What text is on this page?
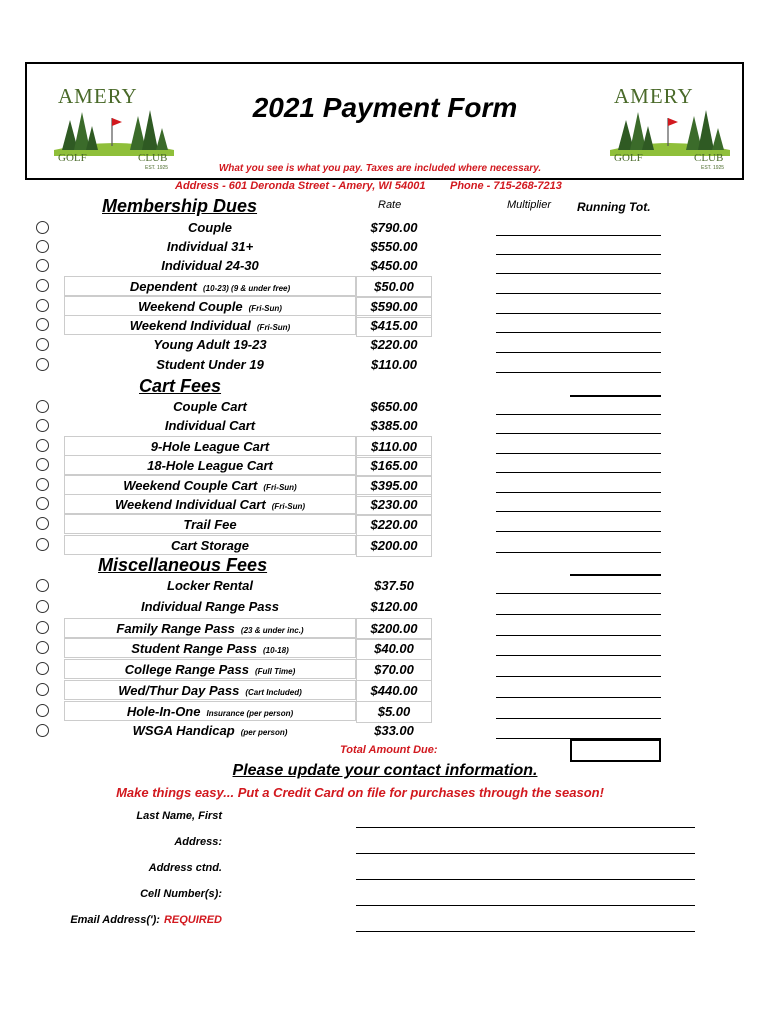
AMERY
GOLF	CLUB
EST. 1925
AMERY
GOLF	CLUB
EST. 1925
2021 Payment Form
What you see is what you pay. Taxes are included where necessary.
Address - 601 Deronda Street - Amery, WI 54001 Phone - 715-268-7213
Membership Dues	Rate	Multiplier Running Tot.
Couple	$790.00
Individual 31+	$550.00
Individual 24-30	$450.00
Dependent (10-23) (9 & under free)	$50.00
Weekend Couple (Fri-Sun)	$590.00
Weekend Individual (Fri-Sun)	$415.00
Young Adult 19-23	$220.00
Student Under 19	$110.00
Cart Fees
Couple Cart	$650.00
Individual Cart	$385.00
9-Hole League Cart	$110.00
18-Hole League Cart	$165.00
Weekend Couple Cart (Fri-Sun)	$395.00
Weekend Individual Cart (Fri-Sun)	$230.00
Trail Fee	$220.00
Cart Storage	$200.00
Miscellaneous Fees
Locker Rental	$37.50
Individual Range Pass	$120.00
Family Range Pass (23 & under inc.)	$200.00
Student Range Pass (10-18)	$40.00
College Range Pass (Full Time)	$70.00
Wed/Thur Day Pass (Cart Included)	$440.00
Hole-In-One Insurance (per person)	$5.00
WSGA Handicap (per person)	$33.00
Total Amount Due:
Please update your contact information.
Make things easy... Put a Credit Card on file for purchases through the season!
Last Name, First
Address:
Address ctnd.
Cell Number(s):
Email Address('): REQUIRED
